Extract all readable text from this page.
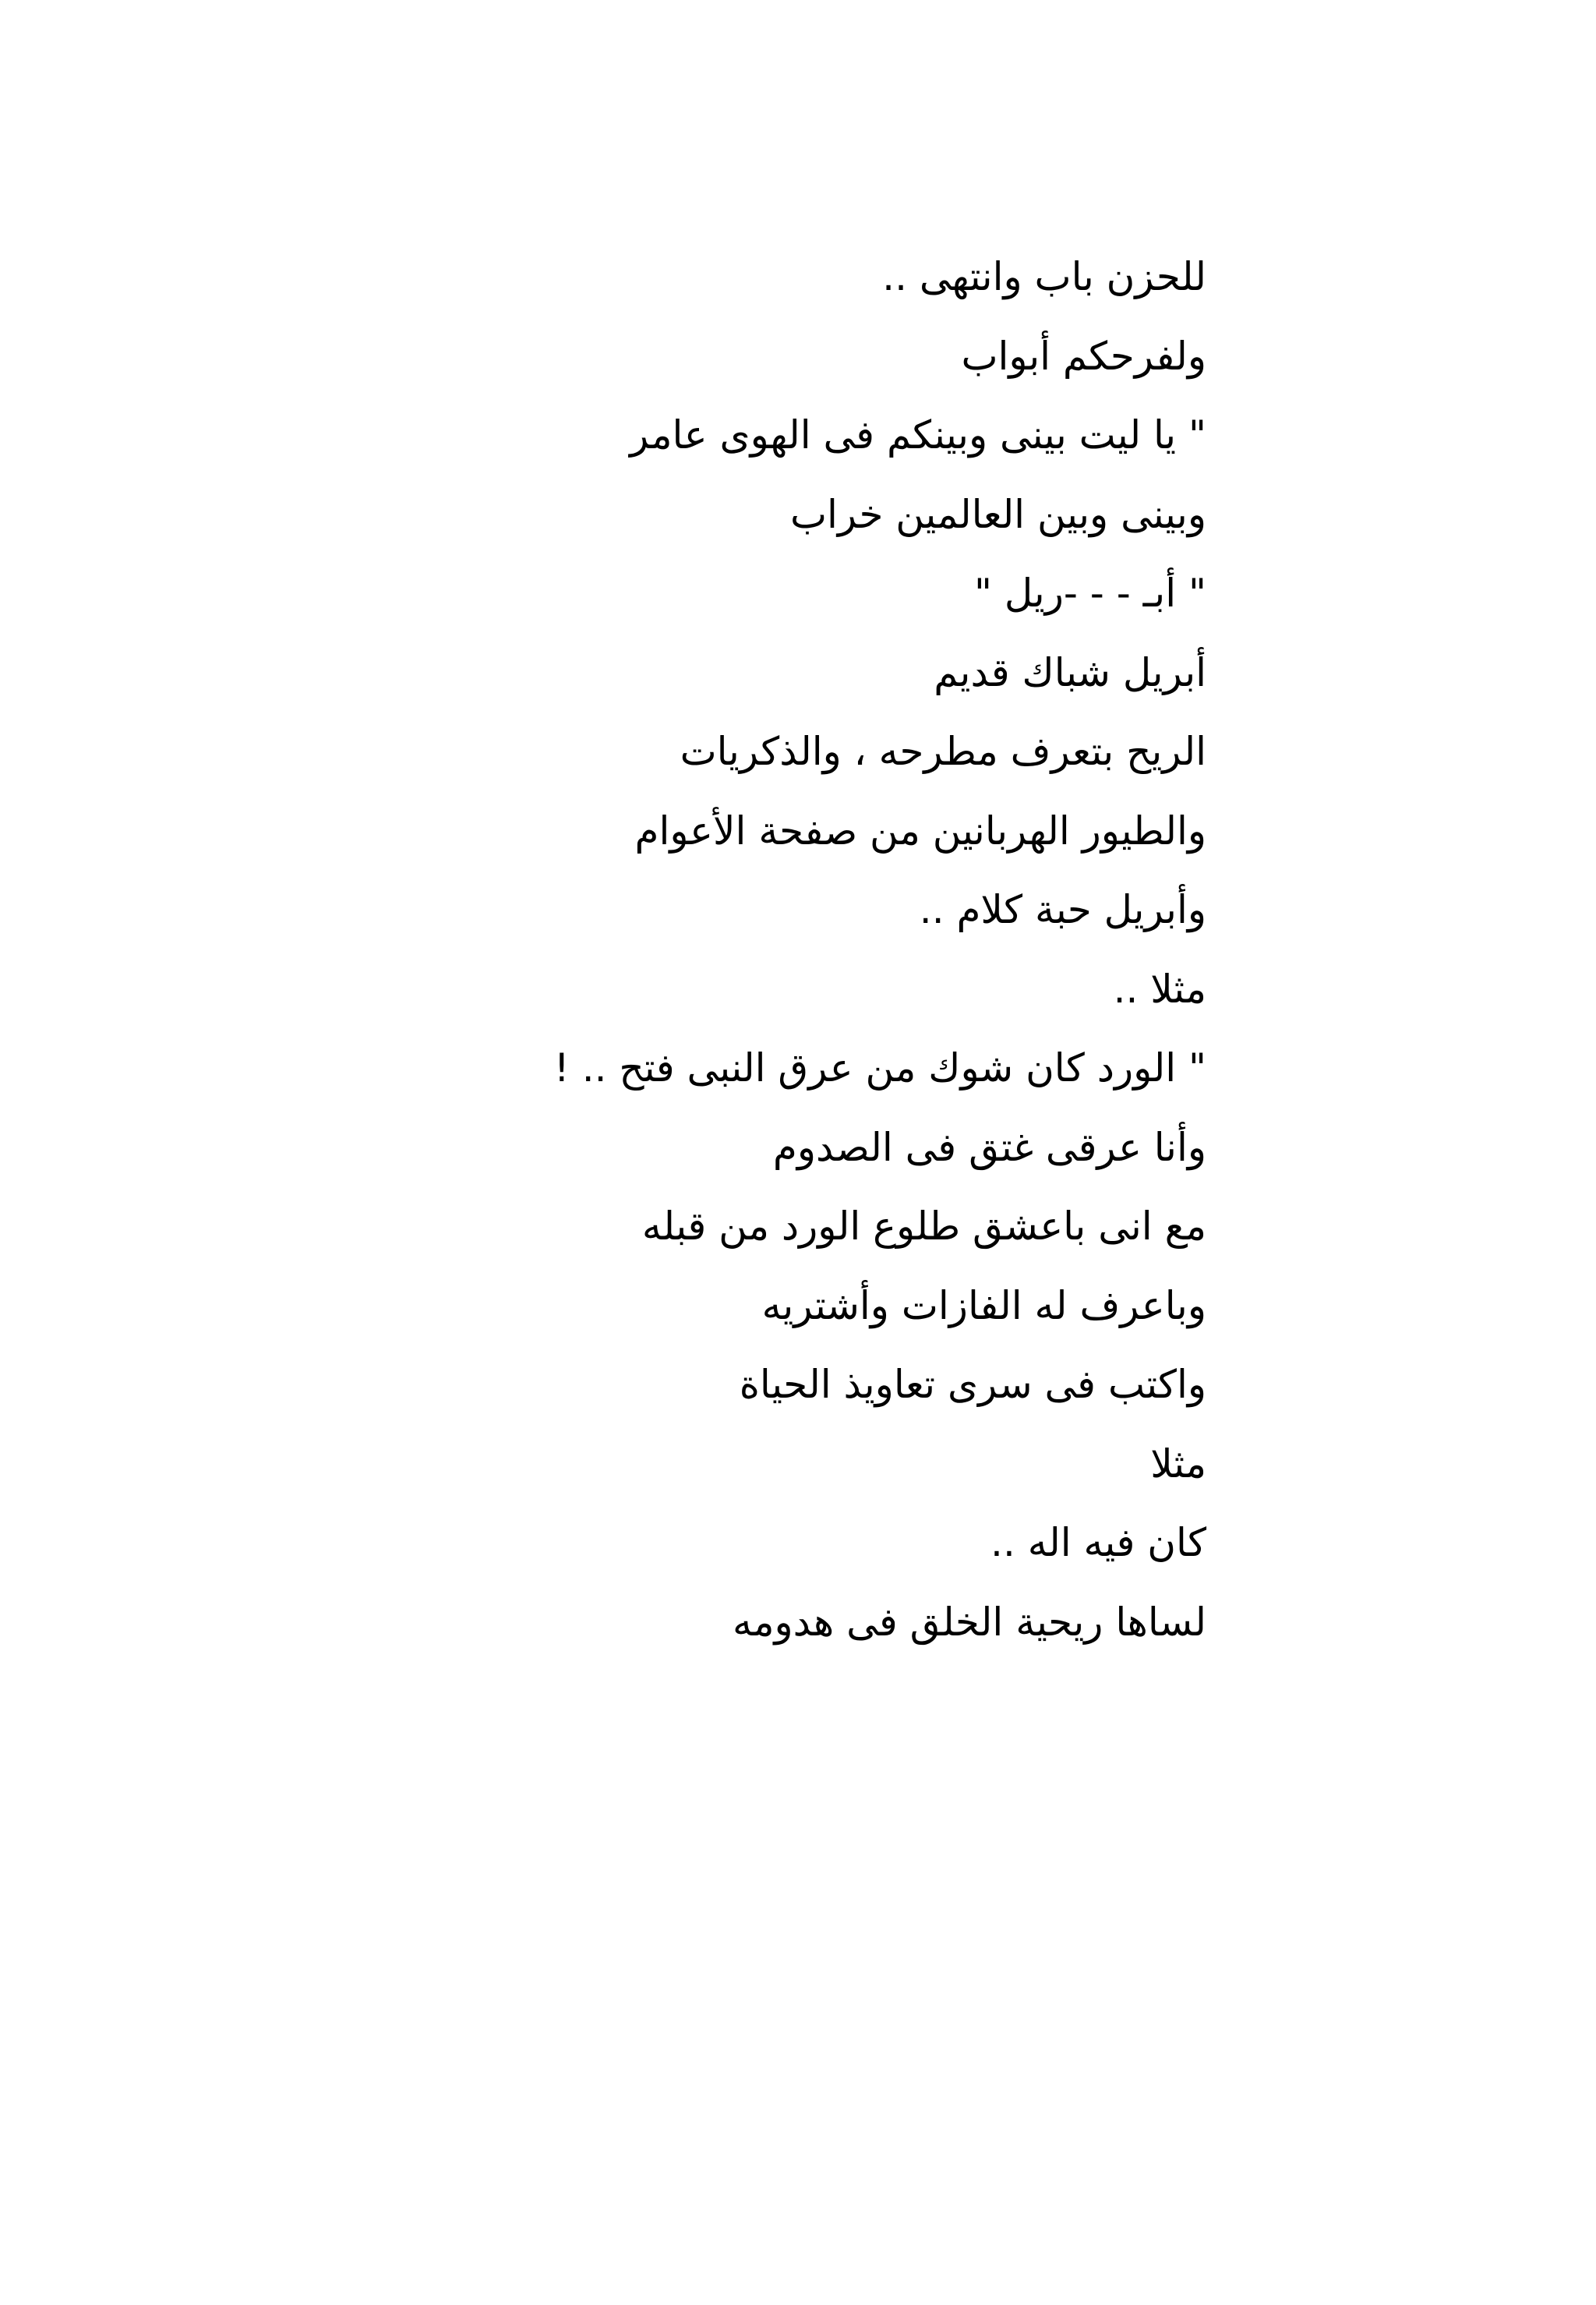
للحزن باب وانتهى ..
ولفرحكم أبواب
" يا ليت بينى وبينكم فى الهوى عامر
وبينى وبين العالمين خراب
" أبـ - - -ريل "
أبريل شباك قديم
الريح بتعرف مطرحه ، والذكريات
والطيور الهربانين من صفحة الأعوام
وأبريل حبة كلام ..
مثلا ..
" الورد كان شوك من عرق النبى فتح .. !
وأنا عرقى غتق فى الصدوم
مع انى باعشق طلوع الورد من قبله
وباعرف له الفازات وأشتريه
واكتب فى سرى تعاويذ الحياة
مثلا
كان فيه اله ..
لساها ريحية الخلق فى هدومه
